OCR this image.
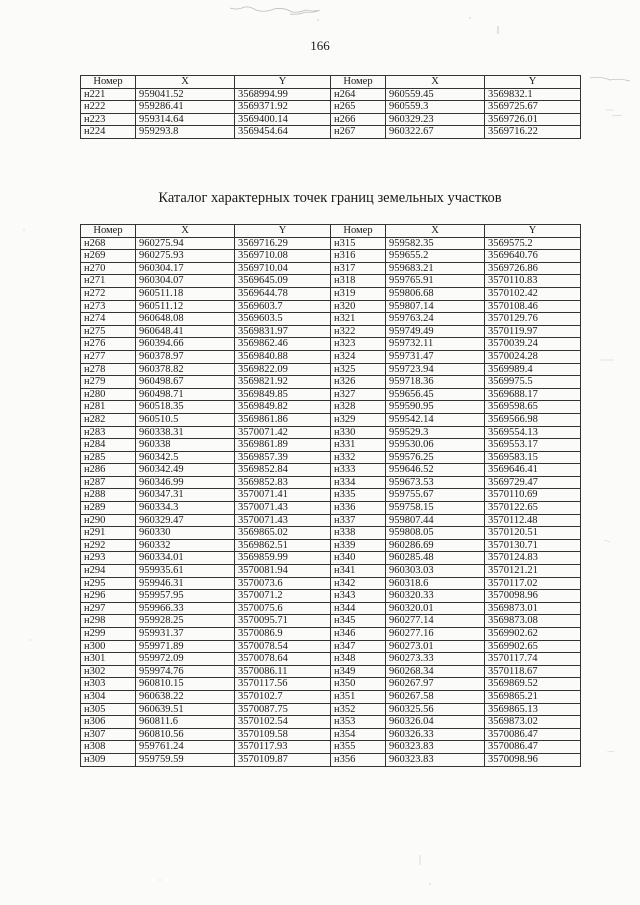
166
Номер	X	Y	Номер	X	Y
н221	959041.52	3568994.99	н264	960559.45	3569832.1
н222	959286.41	3569371.92	н265	960559.3	3569725.67
н223	959314.64	3569400.14	н266	960329.23	3569726.01
н224	959293.8	3569454.64	н267	960322.67	3569716.22
Каталог характерных точек границ земельных участков
Номер	X	Y	Номер	X	Y
н268	960275.94	3569716.29	н315	959582.35	3569575.2
н269	960275.93	3569710.08	н316	959655.2	3569640.76
н270	960304.17	3569710.04	н317	959683.21	3569726.86
н271	960304.07	3569645.09	н318	959765.91	3570110.83
н272	960511.18	3569644.78	н319	959806.68	3570102.42
н273	960511.12	3569603.7	н320	959807.14	3570108.46
н274	960648.08	3569603.5	н321	959763.24	3570129.76
н275	960648.41	3569831.97	н322	959749.49	3570119.97
н276	960394.66	3569862.46	н323	959732.11	3570039.24
н277	960378.97	3569840.88	н324	959731.47	3570024.28
н278	960378.82	3569822.09	н325	959723.94	3569989.4
н279	960498.67	3569821.92	н326	959718.36	3569975.5
н280	960498.71	3569849.85	н327	959656.45	3569688.17
н281	960518.35	3569849.82	н328	959590.95	3569598.65
н282	960510.5	3569861.86	н329	959542.14	3569566.98
н283	960338.31	3570071.42	н330	959529.3	3569554.13
н284	960338	3569861.89	н331	959530.06	3569553.17
н285	960342.5	3569857.39	н332	959576.25	3569583.15
н286	960342.49	3569852.84	н333	959646.52	3569646.41
н287	960346.99	3569852.83	н334	959673.53	3569729.47
н288	960347.31	3570071.41	н335	959755.67	3570110.69
н289	960334.3	3570071.43	н336	959758.15	3570122.65
н290	960329.47	3570071.43	н337	959807.44	3570112.48
н291	960330	3569865.02	н338	959808.05	3570120.51
н292	960332	3569862.51	н339	960286.69	3570130.71
н293	960334.01	3569859.99	н340	960285.48	3570124.83
н294	959935.61	3570081.94	н341	960303.03	3570121.21
н295	959946.31	3570073.6	н342	960318.6	3570117.02
н296	959957.95	3570071.2	н343	960320.33	3570098.96
н297	959966.33	3570075.6	н344	960320.01	3569873.01
н298	959928.25	3570095.71	н345	960277.14	3569873.08
н299	959931.37	3570086.9	н346	960277.16	3569902.62
н300	959971.89	3570078.54	н347	960273.01	3569902.65
н301	959972.09	3570078.64	н348	960273.33	3570117.74
н302	959974.76	3570086.11	н349	960268.34	3570118.67
н303	960810.15	3570117.56	н350	960267.97	3569869.52
н304	960638.22	3570102.7	н351	960267.58	3569865.21
н305	960639.51	3570087.75	н352	960325.56	3569865.13
н306	960811.6	3570102.54	н353	960326.04	3569873.02
н307	960810.56	3570109.58	н354	960326.33	3570086.47
н308	959761.24	3570117.93	н355	960323.83	3570086.47
н309	959759.59	3570109.87	н356	960323.83	3570098.96
